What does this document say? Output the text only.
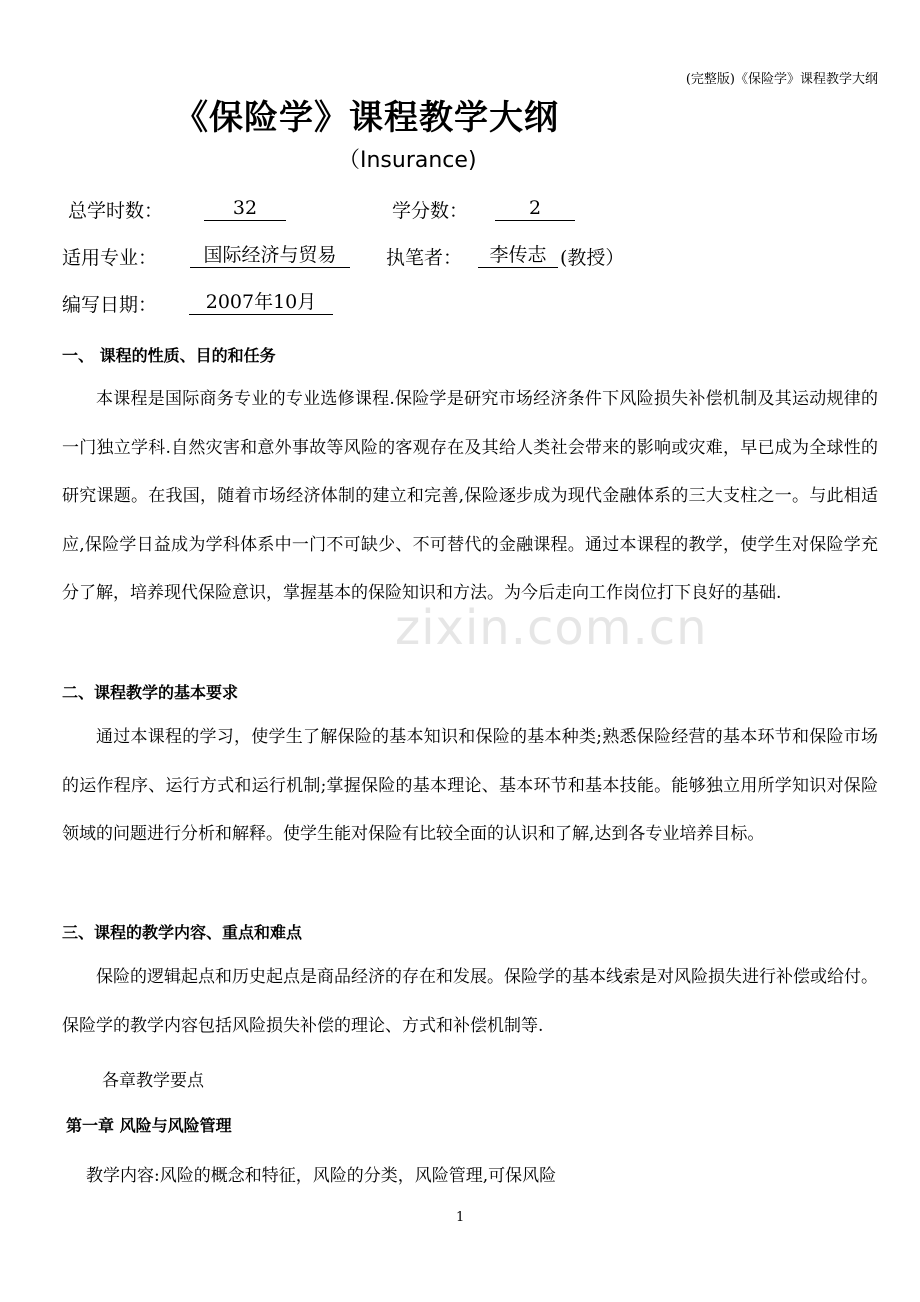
(完整版)《保险学》课程教学大纲
《保险学》课程教学大纲
（Insurance)
zixin.com.cn
总学时数：	32	学分数：	2
适用专业：	国际经济与贸易	执笔者：	李传志 (教授）
编写日期：	2007年10月
一、 课程的性质、目的和任务

本课程是国际商务专业的专业选修课程.保险学是研究市场经济条件下风险损失补偿机制及其运动规律的一门独立学科.自然灾害和意外事故等风险的客观存在及其给人类社会带来的影响或灾难，早已成为全球性的研究课题。在我国，随着市场经济体制的建立和完善,保险逐步成为现代金融体系的三大支柱之一。与此相适应,保险学日益成为学科体系中一门不可缺少、不可替代的金融课程。通过本课程的教学，使学生对保险学充分了解，培养现代保险意识，掌握基本的保险知识和方法。为今后走向工作岗位打下良好的基础.

二、课程教学的基本要求

通过本课程的学习，使学生了解保险的基本知识和保险的基本种类;熟悉保险经营的基本环节和保险市场的运作程序、运行方式和运行机制;掌握保险的基本理论、基本环节和基本技能。能够独立用所学知识对保险领域的问题进行分析和解释。使学生能对保险有比较全面的认识和了解,达到各专业培养目标。

三、课程的教学内容、重点和难点

保险的逻辑起点和历史起点是商品经济的存在和发展。保险学的基本线索是对风险损失进行补偿或给付。保险学的教学内容包括风险损失补偿的理论、方式和补偿机制等.

各章教学要点
第一章 风险与风险管理
教学内容:风险的概念和特征，风险的分类，风险管理,可保风险
1
